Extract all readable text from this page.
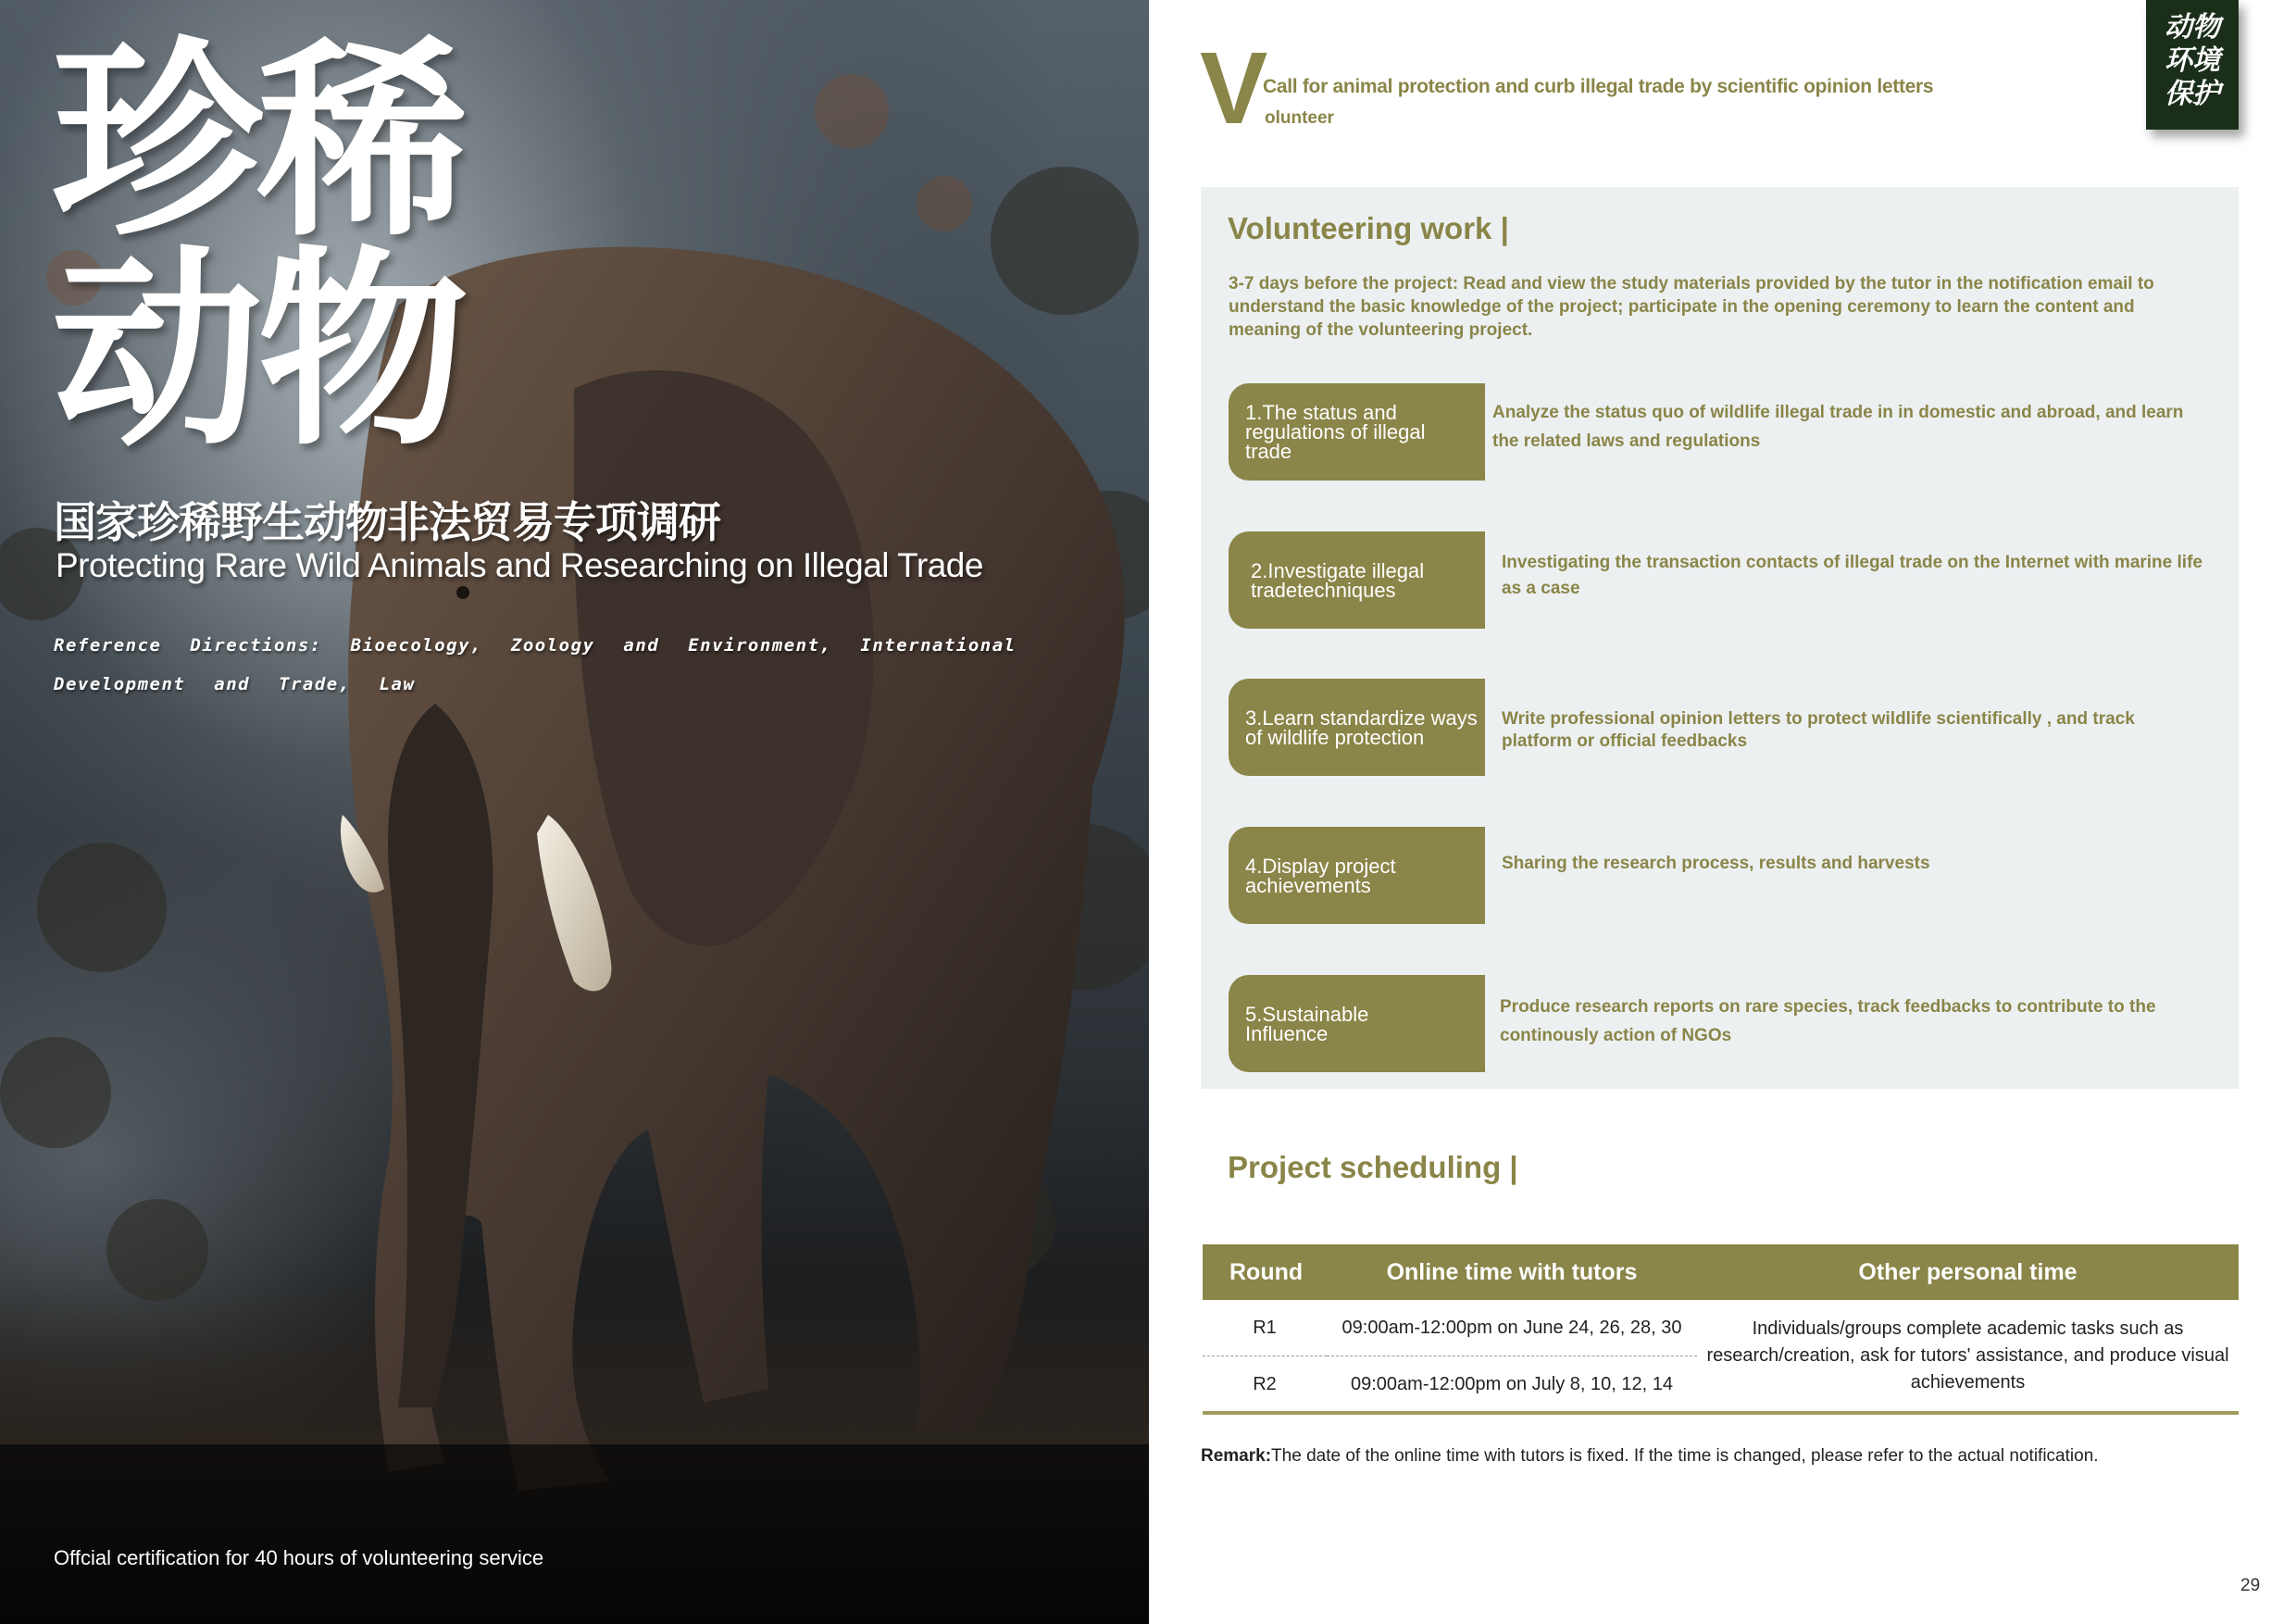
珍稀
动物
国家珍稀野生动物非法贸易专项调研
Protecting Rare Wild Animals and Researching on Illegal Trade
Reference Directions: Bioecology, Zoology and Environment, International Development and Trade, Law
Offcial certification for 40 hours of volunteering service
动物
环境
保护
V
Call for animal protection and curb illegal trade by scientific opinion letters
olunteer
Volunteering work |
3-7 days before the project: Read and view the study materials provided by the tutor in the notification email to understand the basic knowledge of the project; participate in the opening ceremony to learn the content and meaning of the volunteering project.
1.The status and
regulations of illegal
trade
Analyze the status quo of wildlife illegal trade in in domestic and abroad, and learn the related laws and regulations
2.Investigate illegal
tradetechniques
Investigating the transaction contacts of illegal trade on the Internet with marine life as a case
3.Learn standardize ways
of wildlife protection
Write professional opinion letters to protect wildlife scientifically , and track platform or official feedbacks
4.Display project
achievements
Sharing the research process, results and harvests
5.Sustainable
Influence
Produce research reports on rare species, track feedbacks to contribute to the continously action of NGOs
Project scheduling |
Round	Online time with tutors	Other personal time
R1	09:00am-12:00pm on June 24, 26, 28, 30	Individuals/groups complete academic tasks such as research/creation, ask for tutors' assistance, and produce visual achievements
R2	09:00am-12:00pm on July 8, 10, 12, 14	
Remark:The date of the online time with tutors is fixed. If the time is changed, please refer to the actual notification.
29
